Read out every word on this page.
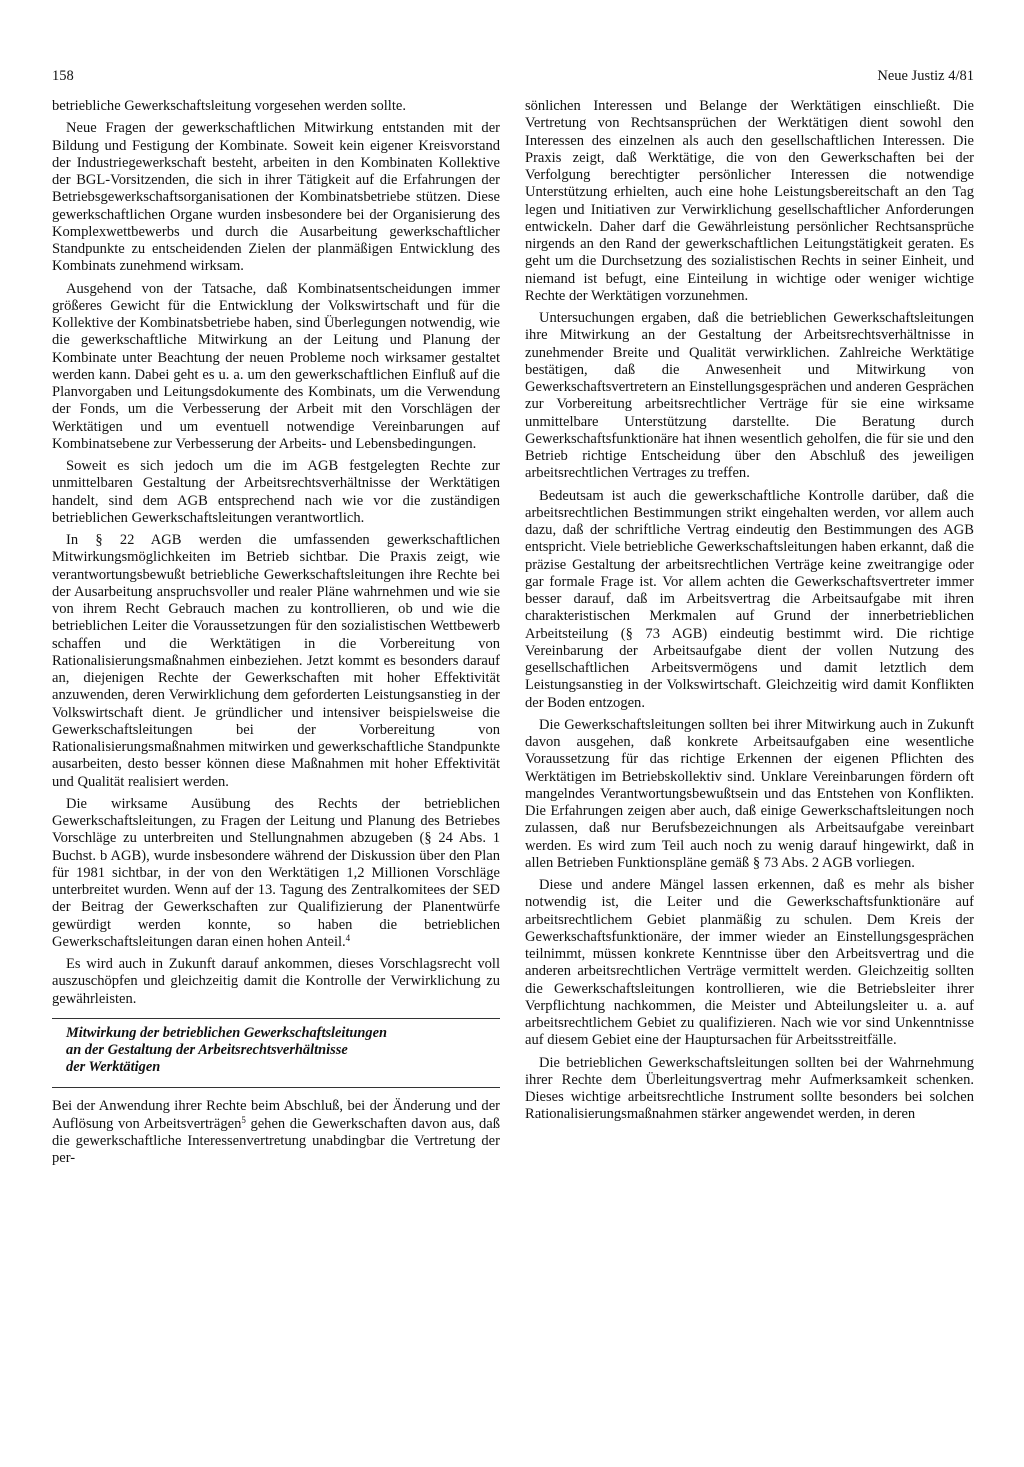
158	Neue Justiz 4/81

betriebliche Gewerkschaftsleitung vorgesehen werden sollte.

Neue Fragen der gewerkschaftlichen Mitwirkung entstanden mit der Bildung und Festigung der Kombinate. Soweit kein eigener Kreisvorstand der Industriegewerkschaft besteht, arbeiten in den Kombinaten Kollektive der BGL-Vorsitzenden, die sich in ihrer Tätigkeit auf die Erfahrungen der Betriebsgewerkschaftsorganisationen der Kombinatsbetriebe stützen. Diese gewerkschaftlichen Organe wurden insbesondere bei der Organisierung des Komplexwettbewerbs und durch die Ausarbeitung gewerkschaftlicher Standpunkte zu entscheidenden Zielen der planmäßigen Entwicklung des Kombinats zunehmend wirksam.

Ausgehend von der Tatsache, daß Kombinatsentscheidungen immer größeres Gewicht für die Entwicklung der Volkswirtschaft und für die Kollektive der Kombinatsbetriebe haben, sind Überlegungen notwendig, wie die gewerkschaftliche Mitwirkung an der Leitung und Planung der Kombinate unter Beachtung der neuen Probleme noch wirksamer gestaltet werden kann. Dabei geht es u. a. um den gewerkschaftlichen Einfluß auf die Planvorgaben und Leitungsdokumente des Kombinats, um die Verwendung der Fonds, um die Verbesserung der Arbeit mit den Vorschlägen der Werktätigen und um eventuell notwendige Vereinbarungen auf Kombinatsebene zur Verbesserung der Arbeits- und Lebensbedingungen.

Soweit es sich jedoch um die im AGB festgelegten Rechte zur unmittelbaren Gestaltung der Arbeitsrechtsverhältnisse der Werktätigen handelt, sind dem AGB entsprechend nach wie vor die zuständigen betrieblichen Gewerkschaftsleitungen verantwortlich.

In § 22 AGB werden die umfassenden gewerkschaftlichen Mitwirkungsmöglichkeiten im Betrieb sichtbar. Die Praxis zeigt, wie verantwortungsbewußt betriebliche Gewerkschaftsleitungen ihre Rechte bei der Ausarbeitung anspruchsvoller und realer Pläne wahrnehmen und wie sie von ihrem Recht Gebrauch machen zu kontrollieren, ob und wie die betrieblichen Leiter die Voraussetzungen für den sozialistischen Wettbewerb schaffen und die Werktätigen in die Vorbereitung von Rationalisierungsmaßnahmen einbeziehen. Jetzt kommt es besonders darauf an, diejenigen Rechte der Gewerkschaften mit hoher Effektivität anzuwenden, deren Verwirklichung dem geforderten Leistungsanstieg in der Volkswirtschaft dient. Je gründlicher und intensiver beispielsweise die Gewerkschaftsleitungen bei der Vorbereitung von Rationalisierungsmaßnahmen mitwirken und gewerkschaftliche Standpunkte ausarbeiten, desto besser können diese Maßnahmen mit hoher Effektivität und Qualität realisiert werden.

Die wirksame Ausübung des Rechts der betrieblichen Gewerkschaftsleitungen, zu Fragen der Leitung und Planung des Betriebes Vorschläge zu unterbreiten und Stellungnahmen abzugeben (§ 24 Abs. 1 Buchst. b AGB), wurde insbesondere während der Diskussion über den Plan für 1981 sichtbar, in der von den Werktätigen 1,2 Millionen Vorschläge unterbreitet wurden. Wenn auf der 13. Tagung des Zentralkomitees der SED der Beitrag der Gewerkschaften zur Qualifizierung der Planentwürfe gewürdigt werden konnte, so haben die betrieblichen Gewerkschaftsleitungen daran einen hohen Anteil.$^4$

Es wird auch in Zukunft darauf ankommen, dieses Vorschlagsrecht voll auszuschöpfen und gleichzeitig damit die Kontrolle der Verwirklichung zu gewährleisten.

Mitwirkung der betrieblichen Gewerkschaftsleitungen
an der Gestaltung der Arbeitsrechtsverhältnisse
der Werktätigen

Bei der Anwendung ihrer Rechte beim Abschluß, bei der Änderung und der Auflösung von Arbeitsverträgen$^5$ gehen die Gewerkschaften davon aus, daß die gewerkschaftliche Interessenvertretung unabdingbar die Vertretung der per-

sönlichen Interessen und Belange der Werktätigen einschließt. Die Vertretung von Rechtsansprüchen der Werktätigen dient sowohl den Interessen des einzelnen als auch den gesellschaftlichen Interessen. Die Praxis zeigt, daß Werktätige, die von den Gewerkschaften bei der Verfolgung berechtigter persönlicher Interessen die notwendige Unterstützung erhielten, auch eine hohe Leistungsbereitschaft an den Tag legen und Initiativen zur Verwirklichung gesellschaftlicher Anforderungen entwickeln. Daher darf die Gewährleistung persönlicher Rechtsansprüche nirgends an den Rand der gewerkschaftlichen Leitungstätigkeit geraten. Es geht um die Durchsetzung des sozialistischen Rechts in seiner Einheit, und niemand ist befugt, eine Einteilung in wichtige oder weniger wichtige Rechte der Werktätigen vorzunehmen.

Untersuchungen ergaben, daß die betrieblichen Gewerkschaftsleitungen ihre Mitwirkung an der Gestaltung der Arbeitsrechtsverhältnisse in zunehmender Breite und Qualität verwirklichen. Zahlreiche Werktätige bestätigen, daß die Anwesenheit und Mitwirkung von Gewerkschaftsvertretern an Einstellungsgesprächen und anderen Gesprächen zur Vorbereitung arbeitsrechtlicher Verträge für sie eine wirksame unmittelbare Unterstützung darstellte. Die Beratung durch Gewerkschaftsfunktionäre hat ihnen wesentlich geholfen, die für sie und den Betrieb richtige Entscheidung über den Abschluß des jeweiligen arbeitsrechtlichen Vertrages zu treffen.

Bedeutsam ist auch die gewerkschaftliche Kontrolle darüber, daß die arbeitsrechtlichen Bestimmungen strikt eingehalten werden, vor allem auch dazu, daß der schriftliche Vertrag eindeutig den Bestimmungen des AGB entspricht. Viele betriebliche Gewerkschaftsleitungen haben erkannt, daß die präzise Gestaltung der arbeitsrechtlichen Verträge keine zweitrangige oder gar formale Frage ist. Vor allem achten die Gewerkschaftsvertreter immer besser darauf, daß im Arbeitsvertrag die Arbeitsaufgabe mit ihren charakteristischen Merkmalen auf Grund der innerbetrieblichen Arbeitsteilung (§ 73 AGB) eindeutig bestimmt wird. Die richtige Vereinbarung der Arbeitsaufgabe dient der vollen Nutzung des gesellschaftlichen Arbeitsvermögens und damit letztlich dem Leistungsanstieg in der Volkswirtschaft. Gleichzeitig wird damit Konflikten der Boden entzogen.

Die Gewerkschaftsleitungen sollten bei ihrer Mitwirkung auch in Zukunft davon ausgehen, daß konkrete Arbeitsaufgaben eine wesentliche Voraussetzung für das richtige Erkennen der eigenen Pflichten des Werktätigen im Betriebskollektiv sind. Unklare Vereinbarungen fördern oft mangelndes Verantwortungsbewußtsein und das Entstehen von Konflikten. Die Erfahrungen zeigen aber auch, daß einige Gewerkschaftsleitungen noch zulassen, daß nur Berufsbezeichnungen als Arbeitsaufgabe vereinbart werden. Es wird zum Teil auch noch zu wenig darauf hingewirkt, daß in allen Betrieben Funktionspläne gemäß § 73 Abs. 2 AGB vorliegen.

Diese und andere Mängel lassen erkennen, daß es mehr als bisher notwendig ist, die Leiter und die Gewerkschaftsfunktionäre auf arbeitsrechtlichem Gebiet planmäßig zu schulen. Dem Kreis der Gewerkschaftsfunktionäre, der immer wieder an Einstellungsgesprächen teilnimmt, müssen konkrete Kenntnisse über den Arbeitsvertrag und die anderen arbeitsrechtlichen Verträge vermittelt werden. Gleichzeitig sollten die Gewerkschaftsleitungen kontrollieren, wie die Betriebsleiter ihrer Verpflichtung nachkommen, die Meister und Abteilungsleiter u. a. auf arbeitsrechtlichem Gebiet zu qualifizieren. Nach wie vor sind Unkenntnisse auf diesem Gebiet eine der Hauptursachen für Arbeitsstreitfälle.

Die betrieblichen Gewerkschaftsleitungen sollten bei der Wahrnehmung ihrer Rechte dem Überleitungsvertrag mehr Aufmerksamkeit schenken. Dieses wichtige arbeitsrechtliche Instrument sollte besonders bei solchen Rationalisierungsmaßnahmen stärker angewendet werden, in deren
